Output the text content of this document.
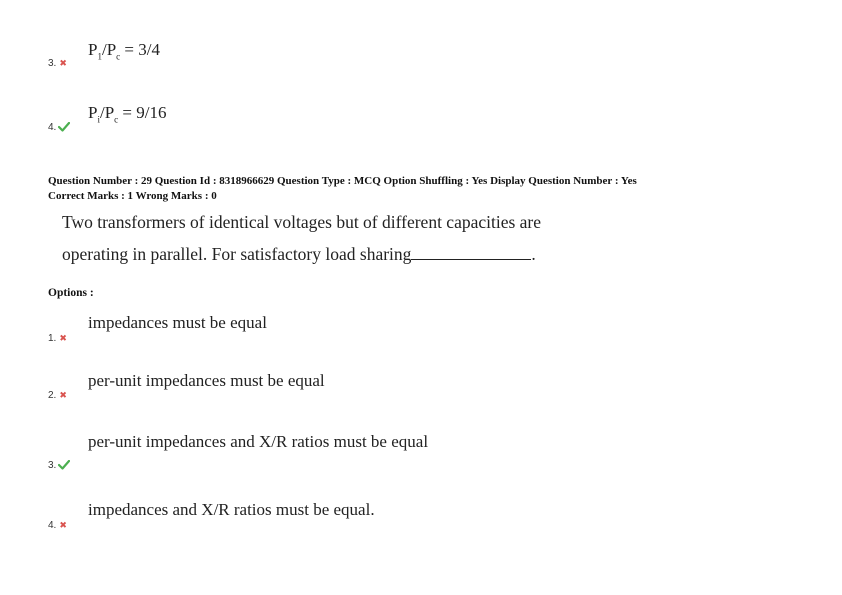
$P_1/P_c = 3/4$
3. ✖
$P_i/P_c = 9/16$
4.
Question Number : 29 Question Id : 8318966629 Question Type : MCQ Option Shuffling : Yes Display Question Number : Yes
Correct Marks : 1 Wrong Marks : 0
Two transformers of identical voltages but of different capacities are
operating in parallel. For satisfactory load sharing	.
Options :
impedances must be equal
1. ✖
per-unit impedances must be equal
2. ✖
per-unit impedances and X/R ratios must be equal
3.
impedances and X/R ratios must be equal.
4. ✖
